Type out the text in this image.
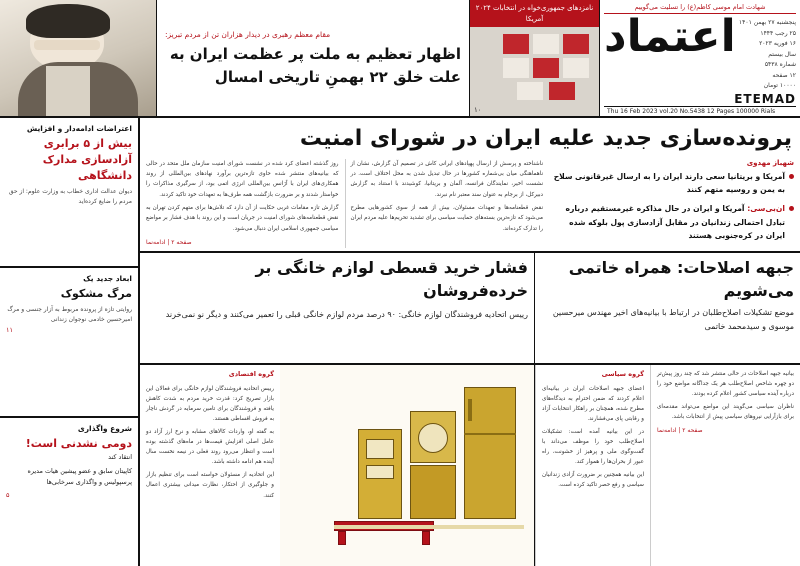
شهادت امام موسی کاظم(ع) را تسلیت می‌گوییم
پنجشنبه ۲۷ بهمن ۱۴۰۱
۲۵ رجب ۱۴۴۴
۱۶ فوریه ۲۰۲۳
سال بیستم
شماره ۵۴۳۸
۱۲ صفحه
۱۰۰۰۰ تومان
اعتماد
ETEMAD
Thu 16 Feb 2023 vol.20 No.5438 12 Pages 100000 Rials
نامزدهای جمهوری‌خواه در انتخابات ۲۰۲۴ آمریکا
۱۰
مقام معظم رهبری در دیدار هزاران تن از مردم تبریز:
اظهار تعظیم به ملت پر عظمت ایران به علت خلق ۲۲ بهمنِ تاریخی امسال
پرونده‌سازی جدید علیه ایران در شورای امنیت
شهباز مهدوی
آمریکا و بریتانیا سعی دارند ایران را به ارسال غیرقانونی سلاح به یمن و روسیه متهم کنند
ان‌بی‌سی: آمریکا و ایران در حال مذاکره غیرمستقیم درباره تبادل احتمالی زندانیان در مقابل آزادسازی پول بلوکه شده ایران در کره‌جنوبی هستند

ناشناخته و پرسش از ارسال پهپادهای ایرانی کاش در تصمیم آن گزارش، نشان از ناهماهنگی میان بی‌شماره کشورها در حال تبدیل شدن به محل اختلاف است. در نشست اخیر، نمایندگان فرانسه، آلمان و بریتانیا، کوشیدند با استناد به گزارش دبیرکل، از برجام به عنوان سند معتبر نام نبرند.

نقض قطعنامه‌ها و تعهدات مسئولان، بیش از همه از سوی کشورهایی مطرح می‌شود که تازه‌ترین بسته‌های حمایت سیاسی برای تشدید تحریم‌ها علیه مردم ایران را تدارک کرده‌اند.

روز گذشته اعضای کرد شده در نشست شورای امنیت سازمان ملل متحد در حالی که بیانیه‌های منتشر شده حاوی تازه‌ترین برآورد نهادهای بین‌المللی از روند همکاری‌های ایران با آژانس بین‌المللی انرژی اتمی بود، از سرگیری مذاکرات را خواستار شدند و بر ضرورت بازگشت همه طرف‌ها به تعهدات خود تاکید کردند.

گزارش تازه مقامات غربی حکایت از آن دارد که تلاش‌ها برای متهم کردن تهران به نقض قطعنامه‌های شورای امنیت در جریان است و این روند با هدف فشار بر مواضع سیاسی جمهوری اسلامی ایران دنبال می‌شود.

صفحه ۲ | ادامه‌نما
جبهه اصلاحات: همراه خاتمی می‌شویم
موضع تشکیلات اصلاح‌طلبان در ارتباط با بیانیه‌های اخیر مهندس میرحسین موسوی و سیدمحمد خاتمی
فشار خرید قسطی لوازم خانگی بر خرده‌فروشان
رییس اتحادیه فروشندگان لوازم خانگی: ۹۰ درصد مردم لوازم خانگی قبلی را تعمیر می‌کنند و دیگر نو نمی‌خرند

بیانیه جبهه اصلاحات در حالی منتشر شد که چند روز پیش‌تر دو چهره شاخص اصلاح‌طلب هر یک جداگانه مواضع خود را درباره آینده سیاسی کشور اعلام کرده بودند.

ناظران سیاسی می‌گویند این مواضع می‌تواند مقدمه‌ای برای بازآرایی نیروهای سیاسی پیش از انتخابات باشد.

صفحه ۲ | ادامه‌نما
گروه سیاسی

اعضای جبهه اصلاحات ایران در بیانیه‌ای اعلام کردند که ضمن احترام به دیدگاه‌های مطرح شده، همچنان بر راهکار انتخابات آزاد و رقابتی پای می‌فشارند.

در این بیانیه آمده است: تشکیلات اصلاح‌طلب خود را موظف می‌داند با گفت‌وگوی ملی و پرهیز از خشونت، راه عبور از بحران‌ها را هموار کند.

این بیانیه همچنین بر ضرورت آزادی زندانیان سیاسی و رفع حصر تاکید کرده است.

گروه اقتصادی

رییس اتحادیه فروشندگان لوازم خانگی برای فعالان این بازار تصریح کرد: قدرت خرید مردم به شدت کاهش یافته و فروشندگان برای تامین سرمایه در گردش ناچار به فروش اقساطی هستند.

به گفته او، واردات کالاهای مشابه و نرخ ارز آزاد دو عامل اصلی افزایش قیمت‌ها در ماه‌های گذشته بوده است و انتظار می‌رود روند فعلی در نیمه نخست سال آینده هم ادامه داشته باشد.

این اتحادیه از مسئولان خواسته است برای تنظیم بازار و جلوگیری از احتکار، نظارت میدانی بیشتری اعمال کنند.

اعتراضات ادامه‌دار و افزایش
بیش از ۵ برابری آزادسازی مدارک دانشگاهی
دیوان عدالت اداری خطاب به وزارت علوم: از حق مردم را ضایع کرده‌اید
ابعاد جدید یک
مرگ مشکوک
روایتی تازه از پرونده مربوط به آزار جنسی و مرگ امیرحسین خادمی نوجوان زندانی
۱۱
شروع واگذاری
دومی نشدنی است!
انتقاد کند
کاپیتان سابق و عضو پیشین هیات مدیره پرسپولیس و واگذاری سرخابی‌ها
۵
